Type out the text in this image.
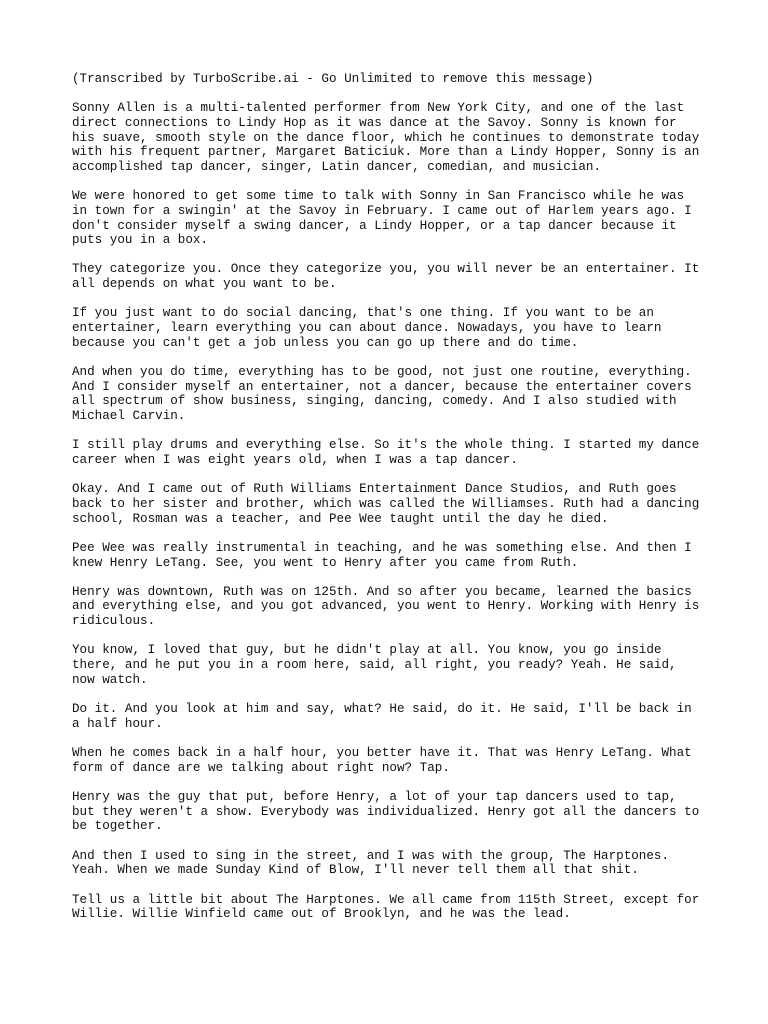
(Transcribed by TurboScribe.ai - Go Unlimited to remove this message)

Sonny Allen is a multi-talented performer from New York City, and one of the last
direct connections to Lindy Hop as it was dance at the Savoy. Sonny is known for
his suave, smooth style on the dance floor, which he continues to demonstrate today
with his frequent partner, Margaret Baticiuk. More than a Lindy Hopper, Sonny is an
accomplished tap dancer, singer, Latin dancer, comedian, and musician.

We were honored to get some time to talk with Sonny in San Francisco while he was
in town for a swingin' at the Savoy in February. I came out of Harlem years ago. I
don't consider myself a swing dancer, a Lindy Hopper, or a tap dancer because it
puts you in a box.

They categorize you. Once they categorize you, you will never be an entertainer. It
all depends on what you want to be.

If you just want to do social dancing, that's one thing. If you want to be an
entertainer, learn everything you can about dance. Nowadays, you have to learn
because you can't get a job unless you can go up there and do time.

And when you do time, everything has to be good, not just one routine, everything.
And I consider myself an entertainer, not a dancer, because the entertainer covers
all spectrum of show business, singing, dancing, comedy. And I also studied with
Michael Carvin.

I still play drums and everything else. So it's the whole thing. I started my dance
career when I was eight years old, when I was a tap dancer.

Okay. And I came out of Ruth Williams Entertainment Dance Studios, and Ruth goes
back to her sister and brother, which was called the Williamses. Ruth had a dancing
school, Rosman was a teacher, and Pee Wee taught until the day he died.

Pee Wee was really instrumental in teaching, and he was something else. And then I
knew Henry LeTang. See, you went to Henry after you came from Ruth.

Henry was downtown, Ruth was on 125th. And so after you became, learned the basics
and everything else, and you got advanced, you went to Henry. Working with Henry is
ridiculous.

You know, I loved that guy, but he didn't play at all. You know, you go inside
there, and he put you in a room here, said, all right, you ready? Yeah. He said,
now watch.

Do it. And you look at him and say, what? He said, do it. He said, I'll be back in
a half hour.

When he comes back in a half hour, you better have it. That was Henry LeTang. What
form of dance are we talking about right now? Tap.

Henry was the guy that put, before Henry, a lot of your tap dancers used to tap,
but they weren't a show. Everybody was individualized. Henry got all the dancers to
be together.

And then I used to sing in the street, and I was with the group, The Harptones.
Yeah. When we made Sunday Kind of Blow, I'll never tell them all that shit.

Tell us a little bit about The Harptones. We all came from 115th Street, except for
Willie. Willie Winfield came out of Brooklyn, and he was the lead.
